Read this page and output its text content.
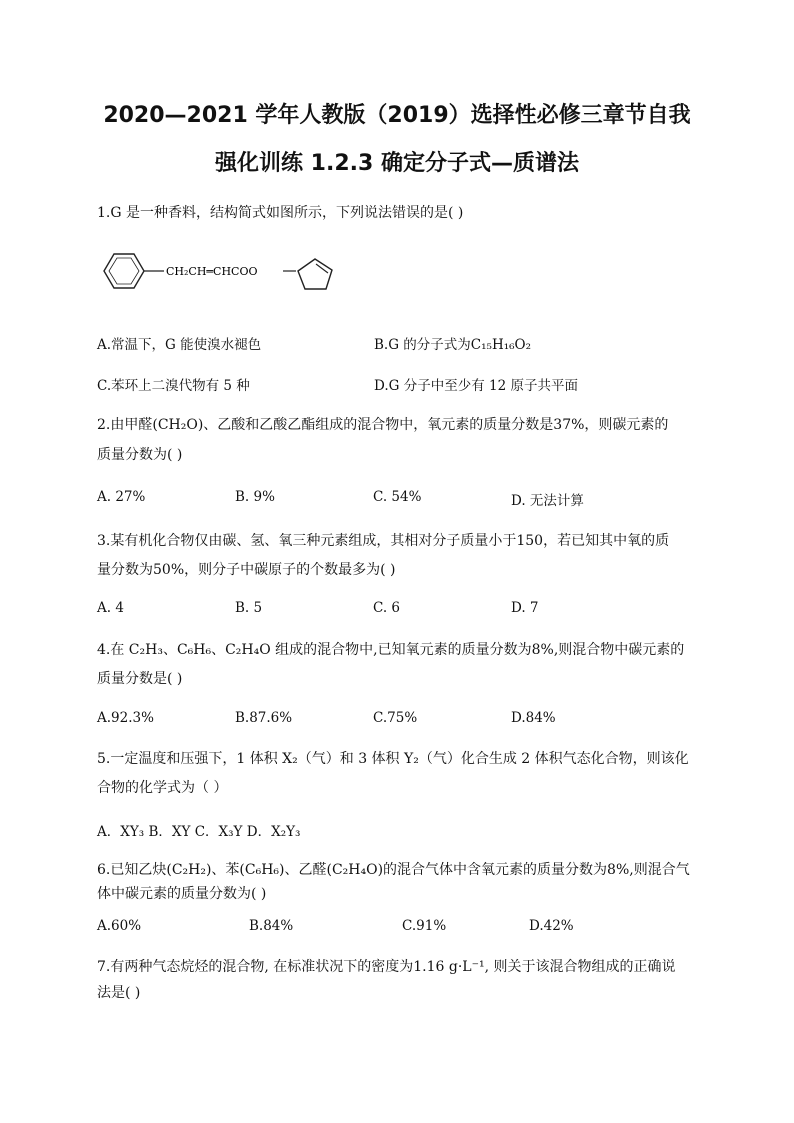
2020—2021 学年人教版（2019）选择性必修三章节自我
强化训练 1.2.3 确定分子式—质谱法
1.G 是一种香料，结构简式如图所示，下列说法错误的是( )
CH₂CH═CHCOO
A.常温下，G 能使溴水褪色	B.G 的分子式为C₁₅H₁₆O₂
C.苯环上二溴代物有 5 种	D.G 分子中至少有 12 原子共平面
2.由甲醛(CH₂O)、乙酸和乙酸乙酯组成的混合物中，氧元素的质量分数是37%，则碳元素的
质量分数为( )
A. 27%	B. 9%	C. 54%	D. 无法计算
3.某有机化合物仅由碳、氢、氧三种元素组成，其相对分子质量小于150，若已知其中氧的质
量分数为50%，则分子中碳原子的个数最多为( )
A. 4	B. 5	C. 6	D. 7
4.在 C₂H₃、C₆H₆、C₂H₄O 组成的混合物中,已知氧元素的质量分数为8%,则混合物中碳元素的
质量分数是( )
A.92.3%	B.87.6%	C.75%	D.84%
5.一定温度和压强下，1 体积 X₂（气）和 3 体积 Y₂（气）化合生成 2 体积气态化合物，则该化
合物的化学式为（ ）
A．XY₃ B．XY C．X₃Y D．X₂Y₃
6.已知乙炔(C₂H₂)、苯(C₆H₆)、乙醛(C₂H₄O)的混合气体中含氧元素的质量分数为8%,则混合气
体中碳元素的质量分数为( )
A.60%	B.84%	C.91%	D.42%
7.有两种气态烷烃的混合物, 在标准状况下的密度为1.16 g·L⁻¹, 则关于该混合物组成的正确说
法是( )
